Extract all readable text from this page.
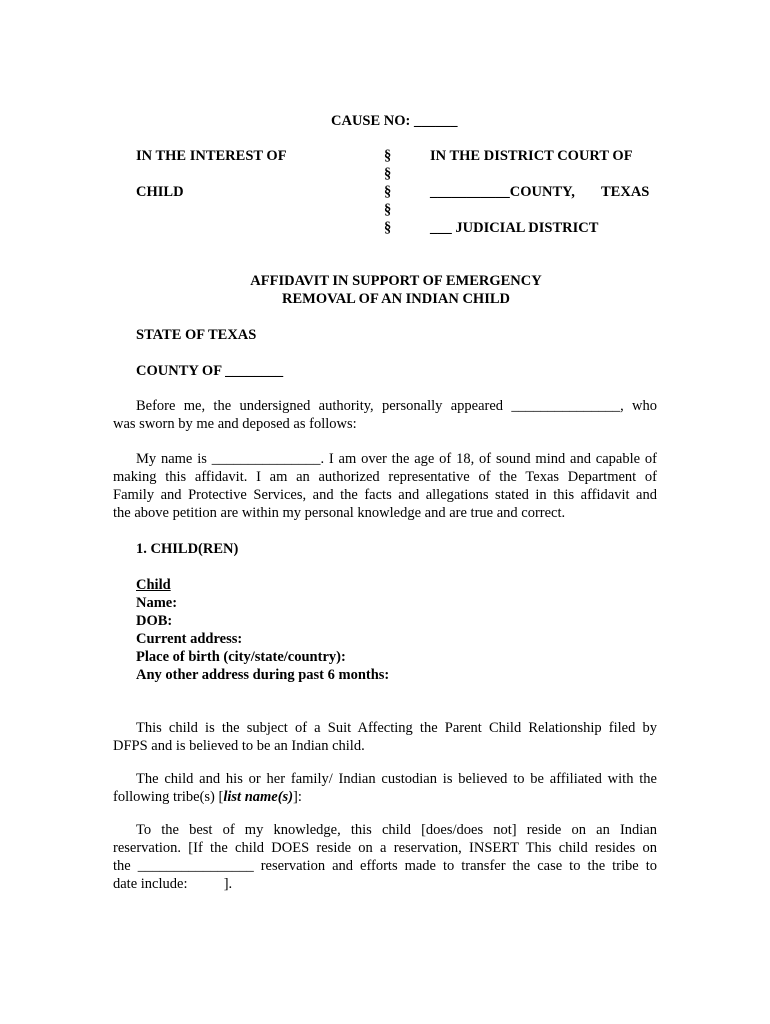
CAUSE NO: ______
IN THE INTEREST OF
CHILD
§
§
§
§
§
IN THE DISTRICT COURT OF
___________COUNTY, TEXAS
___ JUDICIAL DISTRICT
AFFIDAVIT IN SUPPORT OF EMERGENCY
REMOVAL OF AN INDIAN CHILD
STATE OF TEXAS
COUNTY OF ________
Before me, the undersigned authority, personally appeared _______________, who
was sworn by me and deposed as follows:
My name is _______________. I am over the age of 18, of sound mind and capable of
making this affidavit. I am an authorized representative of the Texas Department of
Family and Protective Services, and the facts and allegations stated in this affidavit and
the above petition are within my personal knowledge and are true and correct.
1. CHILD(REN)
Child
Name:
DOB:
Current address:
Place of birth (city/state/country):
Any other address during past 6 months:
This child is the subject of a Suit Affecting the Parent Child Relationship filed by
DFPS and is believed to be an Indian child.
The child and his or her family/ Indian custodian is believed to be affiliated with the
following tribe(s) [list name(s)]:
To the best of my knowledge, this child [does/does not] reside on an Indian
reservation. [If the child DOES reside on a reservation, INSERT This child resides on
the ________________ reservation and efforts made to transfer the case to the tribe to
date include:          ].
